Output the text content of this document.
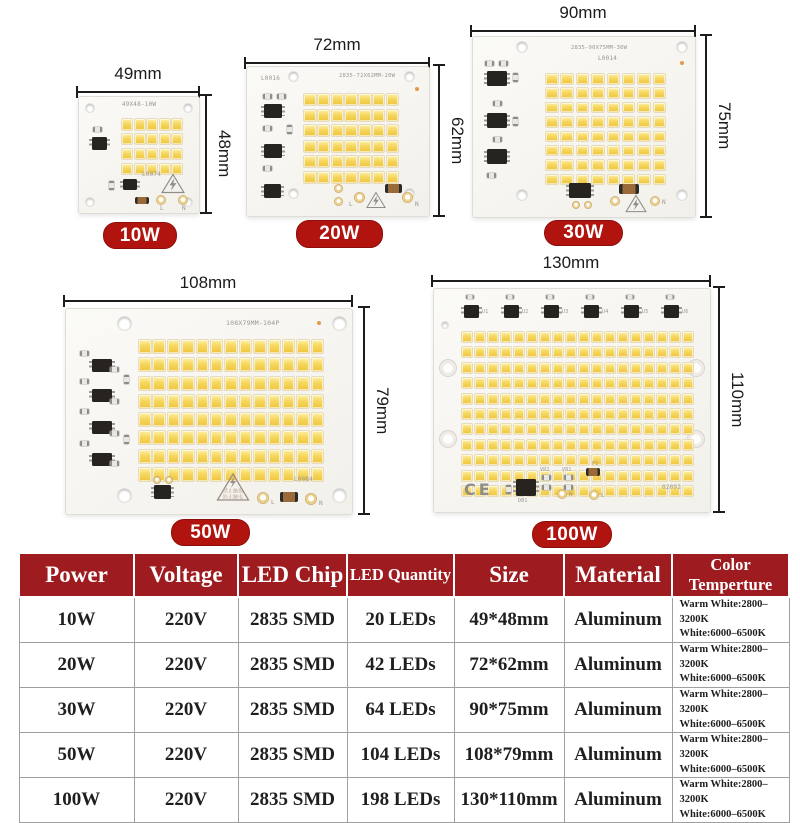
49mm
48mm
49X48-10W
L0074
L	N
10W
72mm
62mm
L0016	2835-72X62MM-20W
L	N
20W
90mm
75mm
2835-90X75MM-30W
L0014
N
30W
108mm
79mm
108X79MM-104P
禁止触摸
防止触电
L0084
L	N
50W
130mm
110mm
U1	U2	U3	U4	U5	U6
CE
DB1
VR2 VR1
F1
N	L
02092
100W
Power	Voltage	LED Chip	LED Quantity	Size	Material	Color Temperture
10W	220V	2835 SMD	20 LEDs	49*48mm	Aluminum	Warm White:2800–3200K
White:6000–6500K

20W	220V	2835 SMD	42 LEDs	72*62mm	Aluminum	Warm White:2800–3200K
White:6000–6500K

30W	220V	2835 SMD	64 LEDs	90*75mm	Aluminum	Warm White:2800–3200K
White:6000–6500K

50W	220V	2835 SMD	104 LEDs	108*79mm	Aluminum	Warm White:2800–3200K
White:6000–6500K

100W	220V	2835 SMD	198 LEDs	130*110mm	Aluminum	Warm White:2800–3200K
White:6000–6500K
